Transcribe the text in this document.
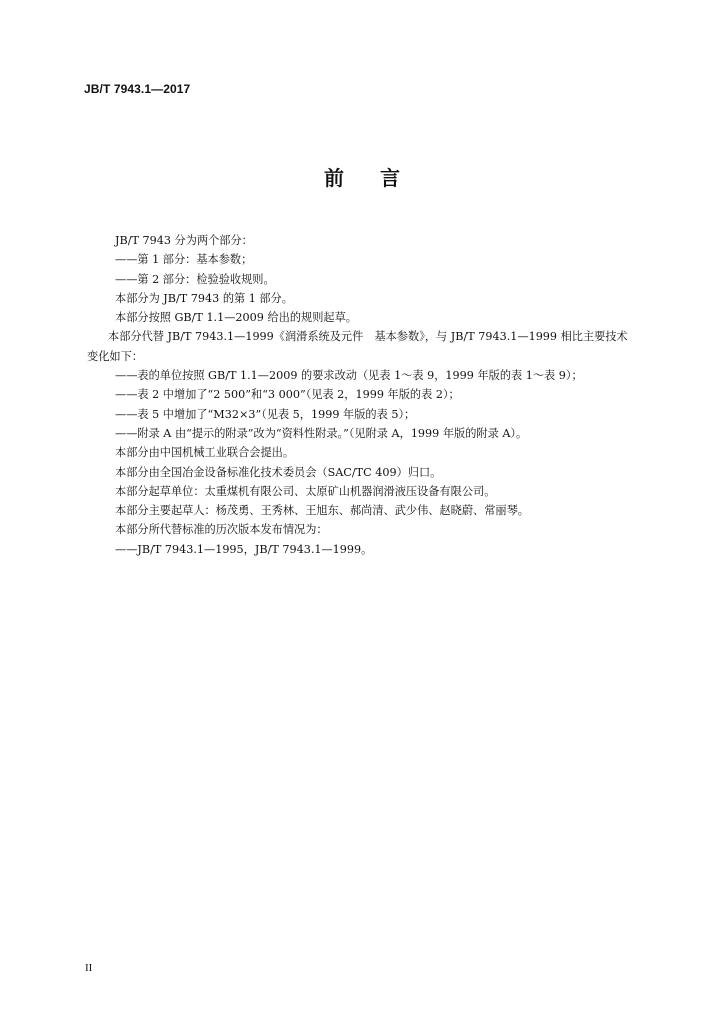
JB/T 7943.1—2017
前 言

JB/T 7943 分为两个部分：

——第 1 部分：基本参数；

——第 2 部分：检验验收规则。

本部分为 JB/T 7943 的第 1 部分。

本部分按照 GB/T 1.1—2009 给出的规则起草。

本部分代替 JB/T 7943.1—1999《润滑系统及元件　基本参数》，与 JB/T 7943.1—1999 相比主要技术变化如下：

——表的单位按照 GB/T 1.1—2009 的要求改动（见表 1～表 9，1999 年版的表 1～表 9）；

——表 2 中增加了“2 500”和“3 000”（见表 2，1999 年版的表 2）；

——表 5 中增加了“M32×3”（见表 5，1999 年版的表 5）；

——附录 A 由“提示的附录”改为“资料性附录。”（见附录 A，1999 年版的附录 A）。

本部分由中国机械工业联合会提出。

本部分由全国冶金设备标准化技术委员会（SAC/TC 409）归口。

本部分起草单位：太重煤机有限公司、太原矿山机器润滑液压设备有限公司。

本部分主要起草人：杨茂勇、王秀林、王旭东、郝尚清、武少伟、赵晓蔚、常丽琴。

本部分所代替标准的历次版本发布情况为：

——JB/T 7943.1—1995，JB/T 7943.1—1999。

II
